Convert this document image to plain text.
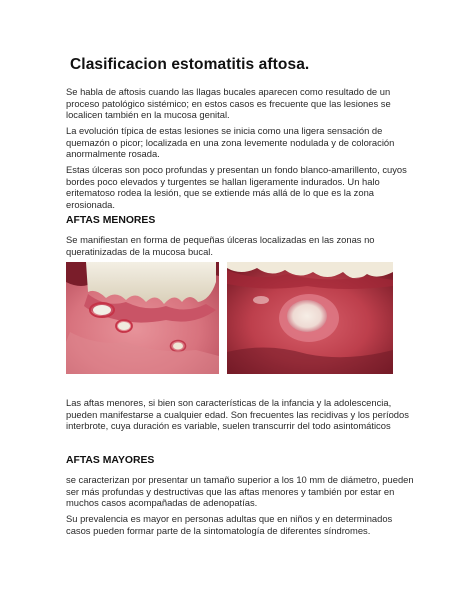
Clasificacion estomatitis aftosa.
Se habla de aftosis cuando las llagas bucales aparecen como resultado de un proceso patológico sistémico; en estos casos es frecuente que las lesiones se localicen también en la mucosa genital.
La evolución típica de estas lesiones se inicia como una ligera sensación de quemazón o picor; localizada en una zona levemente nodulada y de coloración anormalmente rosada.
Estas úlceras son poco profundas y presentan un fondo blanco-amarillento, cuyos bordes poco elevados y turgentes se hallan ligeramente indurados. Un halo eritematoso rodea la lesión, que se extiende más allá de lo que es la zona erosionada.
AFTAS MENORES
Se manifiestan en forma de pequeñas úlceras localizadas en las zonas no queratinizadas de la mucosa bucal.
Las aftas menores, si bien son características de la infancia y la adolescencia, pueden manifestarse a cualquier edad. Son frecuentes las recidivas y los períodos interbrote, cuya duración es variable, suelen transcurrir del todo asintomáticos
AFTAS MAYORES
se caracterizan por presentar un tamaño superior a los 10 mm de diámetro, pueden ser más profundas y destructivas que las aftas menores y también por estar en muchos casos acompañadas de adenopatías.
Su prevalencia es mayor en personas adultas que en niños y en determinados casos pueden formar parte de la sintomatología de diferentes síndromes.
